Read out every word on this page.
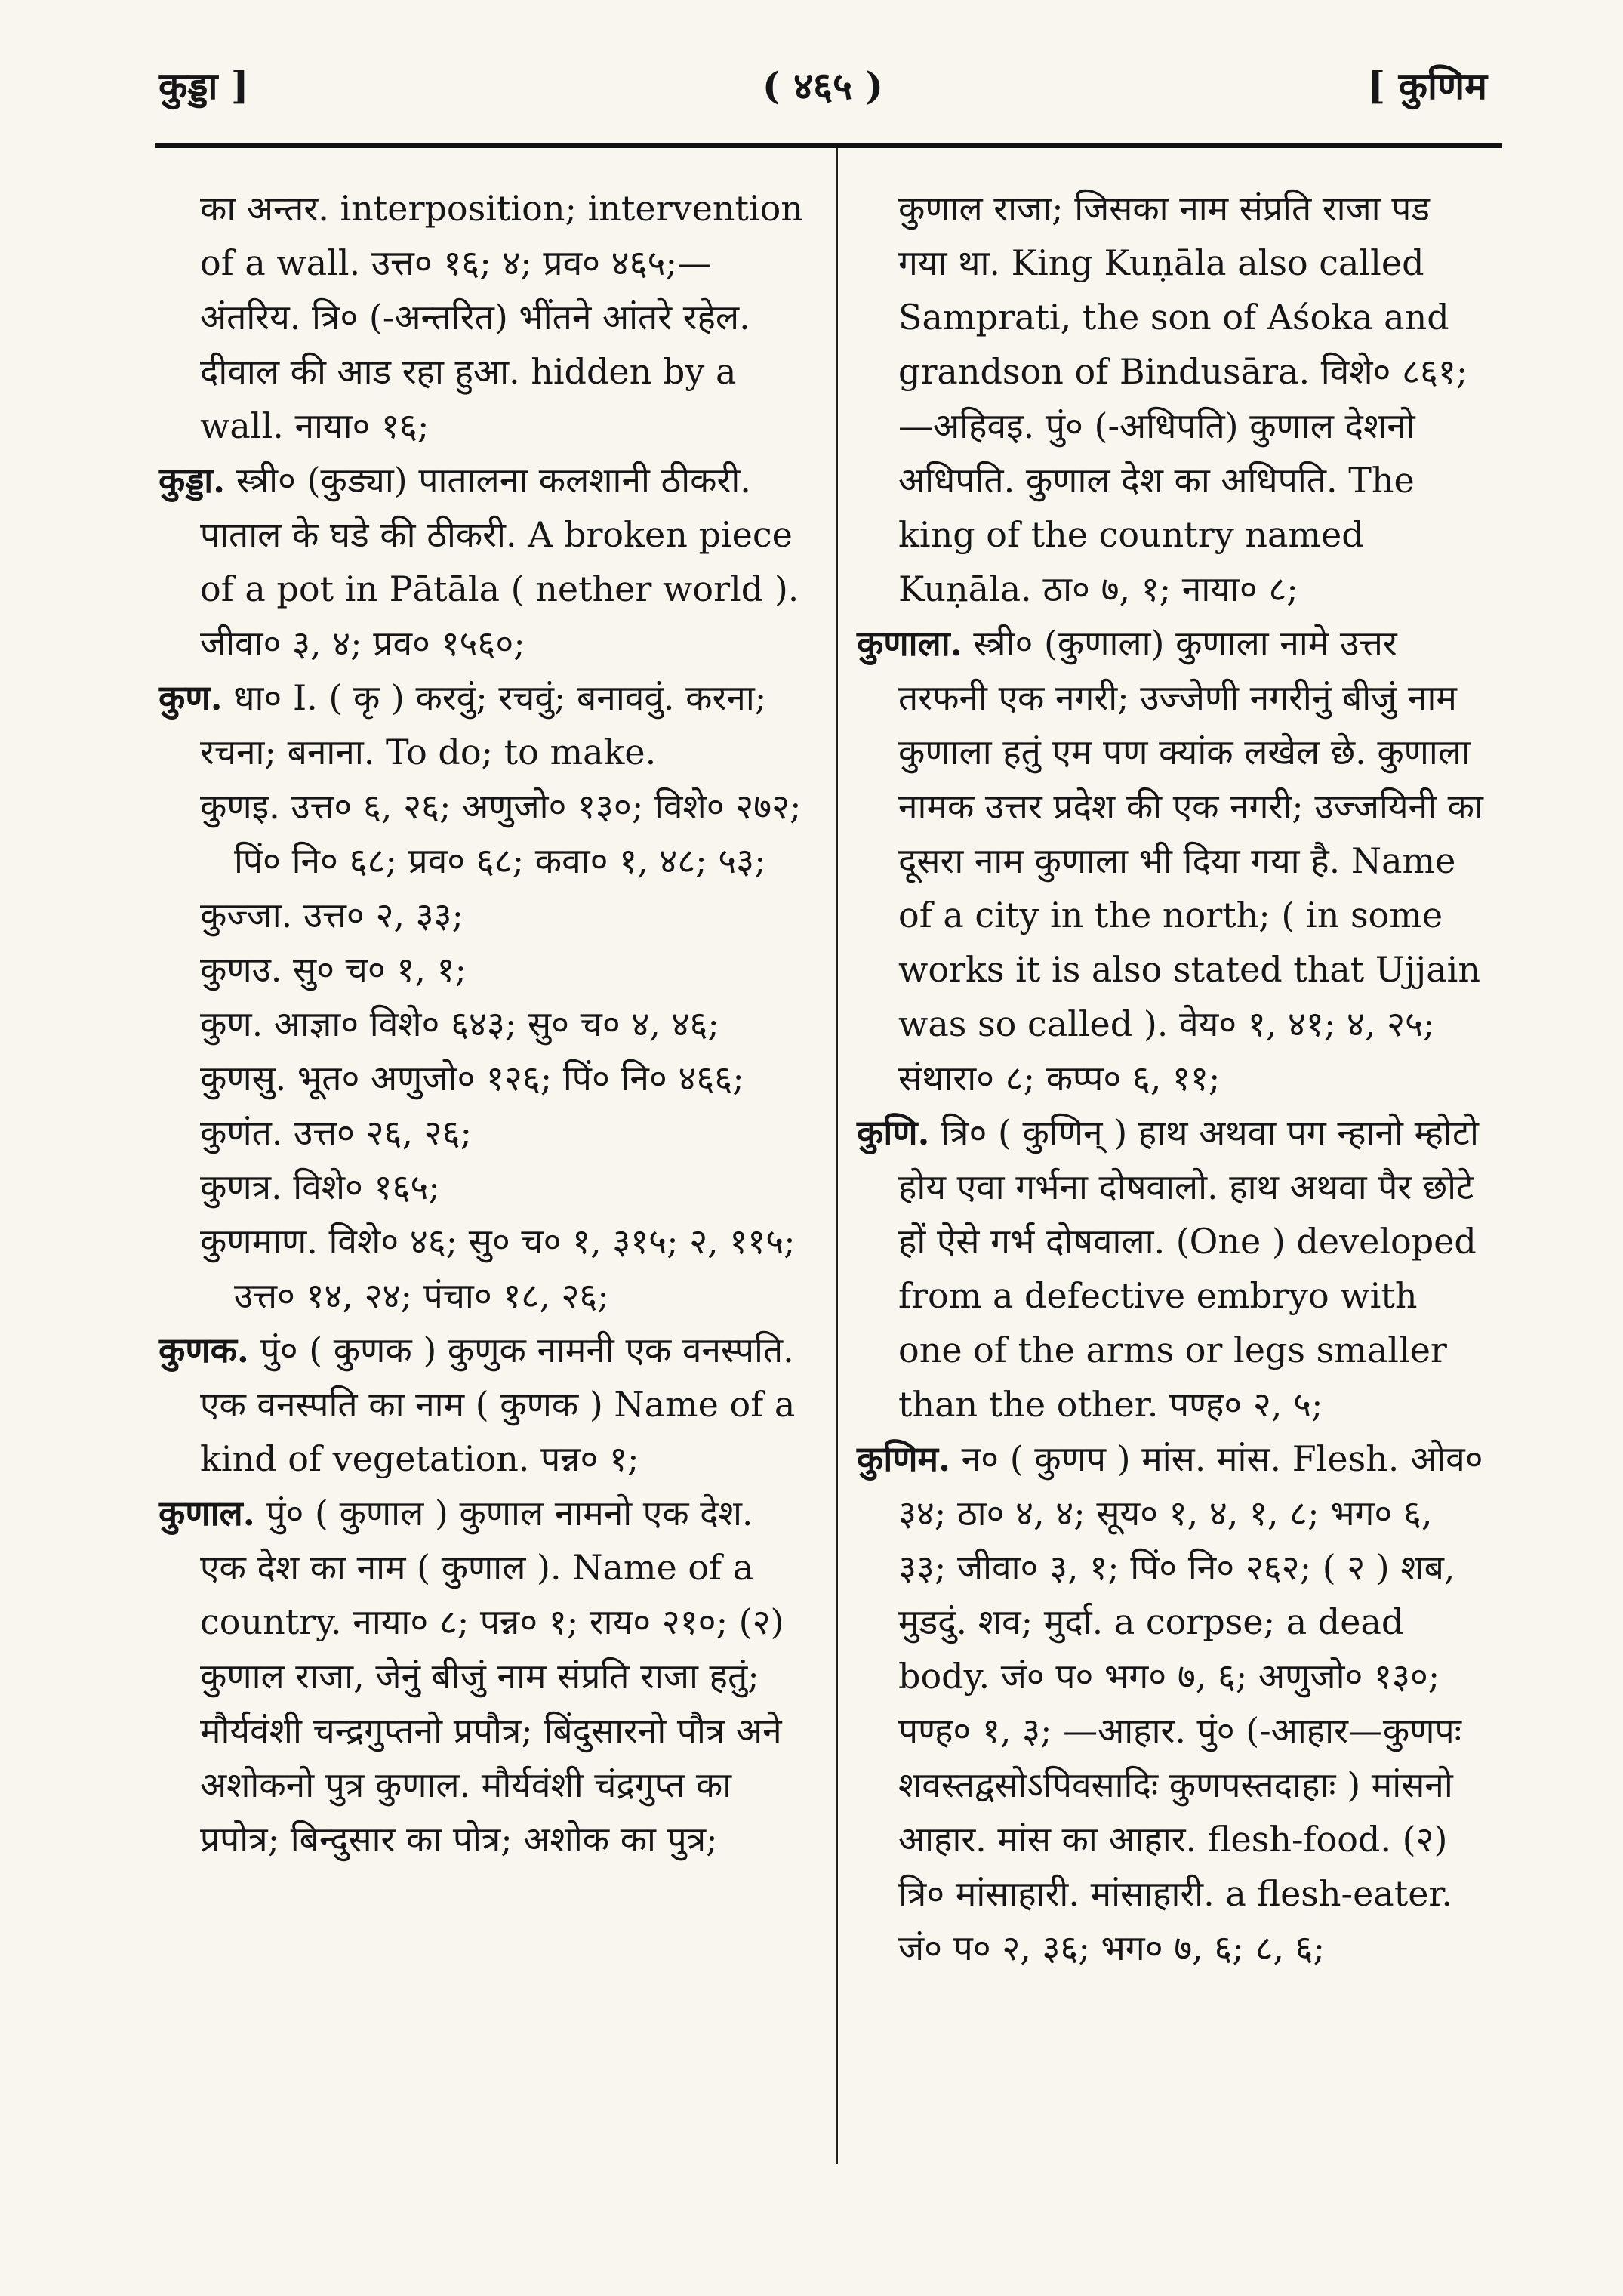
कुड्डा ]	( ४६५ )	[ कुणिम

का अन्तर. interposition; intervention of a wall. उत्त० १६; ४; प्रव० ४६५;—अंतरिय. त्रि० (-अन्तरित) भींतने आंतरे रहेल. दीवाल की आड रहा हुआ. hidden by a wall. नाया० १६;

कुड्डा. स्त्री० (कुड्या) पातालना कलशानी ठीकरी. पाताल के घडे की ठीकरी. A broken piece of a pot in Pātāla ( nether world ). जीवा० ३, ४; प्रव० १५६०;

कुण. धा० I. ( कृ ) करवुं; रचवुं; बनाववुं. करना; रचना; बनाना. To do; to make.

कुणइ. उत्त० ६, २६; अणुजो० १३०; विशे० २७२; पिं० नि० ६८; प्रव० ६८; कवा० १, ४८; ५३;

कुज्जा. उत्त० २, ३३;

कुणउ. सु० च० १, १;

कुण. आज्ञा० विशे० ६४३; सु० च० ४, ४६;

कुणसु. भूत० अणुजो० १२६; पिं० नि० ४६६;

कुणंत. उत्त० २६, २६;

कुणत्र. विशे० १६५;

कुणमाण. विशे० ४६; सु० च० १, ३१५; २, ११५; उत्त० १४, २४; पंचा० १८, २६;

कुणक. पुं० ( कुणक ) कुणुक नामनी एक वनस्पति. एक वनस्पति का नाम ( कुणक ) Name of a kind of vegetation. पन्न० १;

कुणाल. पुं० ( कुणाल ) कुणाल नामनो एक देश. एक देश का नाम ( कुणाल ). Name of a country. नाया० ८; पन्न० १; राय० २१०; (२) कुणाल राजा, जेनुं बीजुं नाम संप्रति राजा हतुं; मौर्यवंशी चन्द्रगुप्तनो प्रपौत्र; बिंदुसारनो पौत्र अने अशोकनो पुत्र कुणाल. मौर्यवंशी चंद्रगुप्त का प्रपोत्र; बिन्दुसार का पोत्र; अशोक का पुत्र;

कुणाल राजा; जिसका नाम संप्रति राजा पड गया था. King Kuṇāla also called Samprati, the son of Aśoka and grandson of Bindusāra. विशे० ८६१; —अहिवइ. पुं० (-अधिपति) कुणाल देशनो अधिपति. कुणाल देश का अधिपति. The king of the country named Kuṇāla. ठा० ७, १; नाया० ८;

कुणाला. स्त्री० (कुणाला) कुणाला नामे उत्तर तरफनी एक नगरी; उज्जेणी नगरीनुं बीजुं नाम कुणाला हतुं एम पण क्यांक लखेल छे. कुणाला नामक उत्तर प्रदेश की एक नगरी; उज्जयिनी का दूसरा नाम कुणाला भी दिया गया है. Name of a city in the north; ( in some works it is also stated that Ujjain was so called ). वेय० १, ४१; ४, २५; संथारा० ८; कप्प० ६, ११;

कुणि. त्रि० ( कुणिन् ) हाथ अथवा पग न्हानो म्होटो होय एवा गर्भना दोषवालो. हाथ अथवा पैर छोटे हों ऐसे गर्भ दोषवाला. (One ) developed from a defective embryo with one of the arms or legs smaller than the other. पण्ह० २, ५;

कुणिम. न० ( कुणप ) मांस. मांस. Flesh. ओव० ३४; ठा० ४, ४; सूय० १, ४, १, ८; भग० ६, ३३; जीवा० ३, १; पिं० नि० २६२; ( २ ) शब, मुडदुं. शव; मुर्दा. a corpse; a dead body. जं० प० भग० ७, ६; अणुजो० १३०; पण्ह० १, ३; —आहार. पुं० (-आहार—कुणपः शवस्तद्वसोऽपिवसादिः कुणपस्तदाहाः ) मांसनो आहार. मांस का आहार. flesh-food. (२) त्रि० मांसाहारी. मांसाहारी. a flesh-eater. जं० प० २, ३६; भग० ७, ६; ८, ६;
